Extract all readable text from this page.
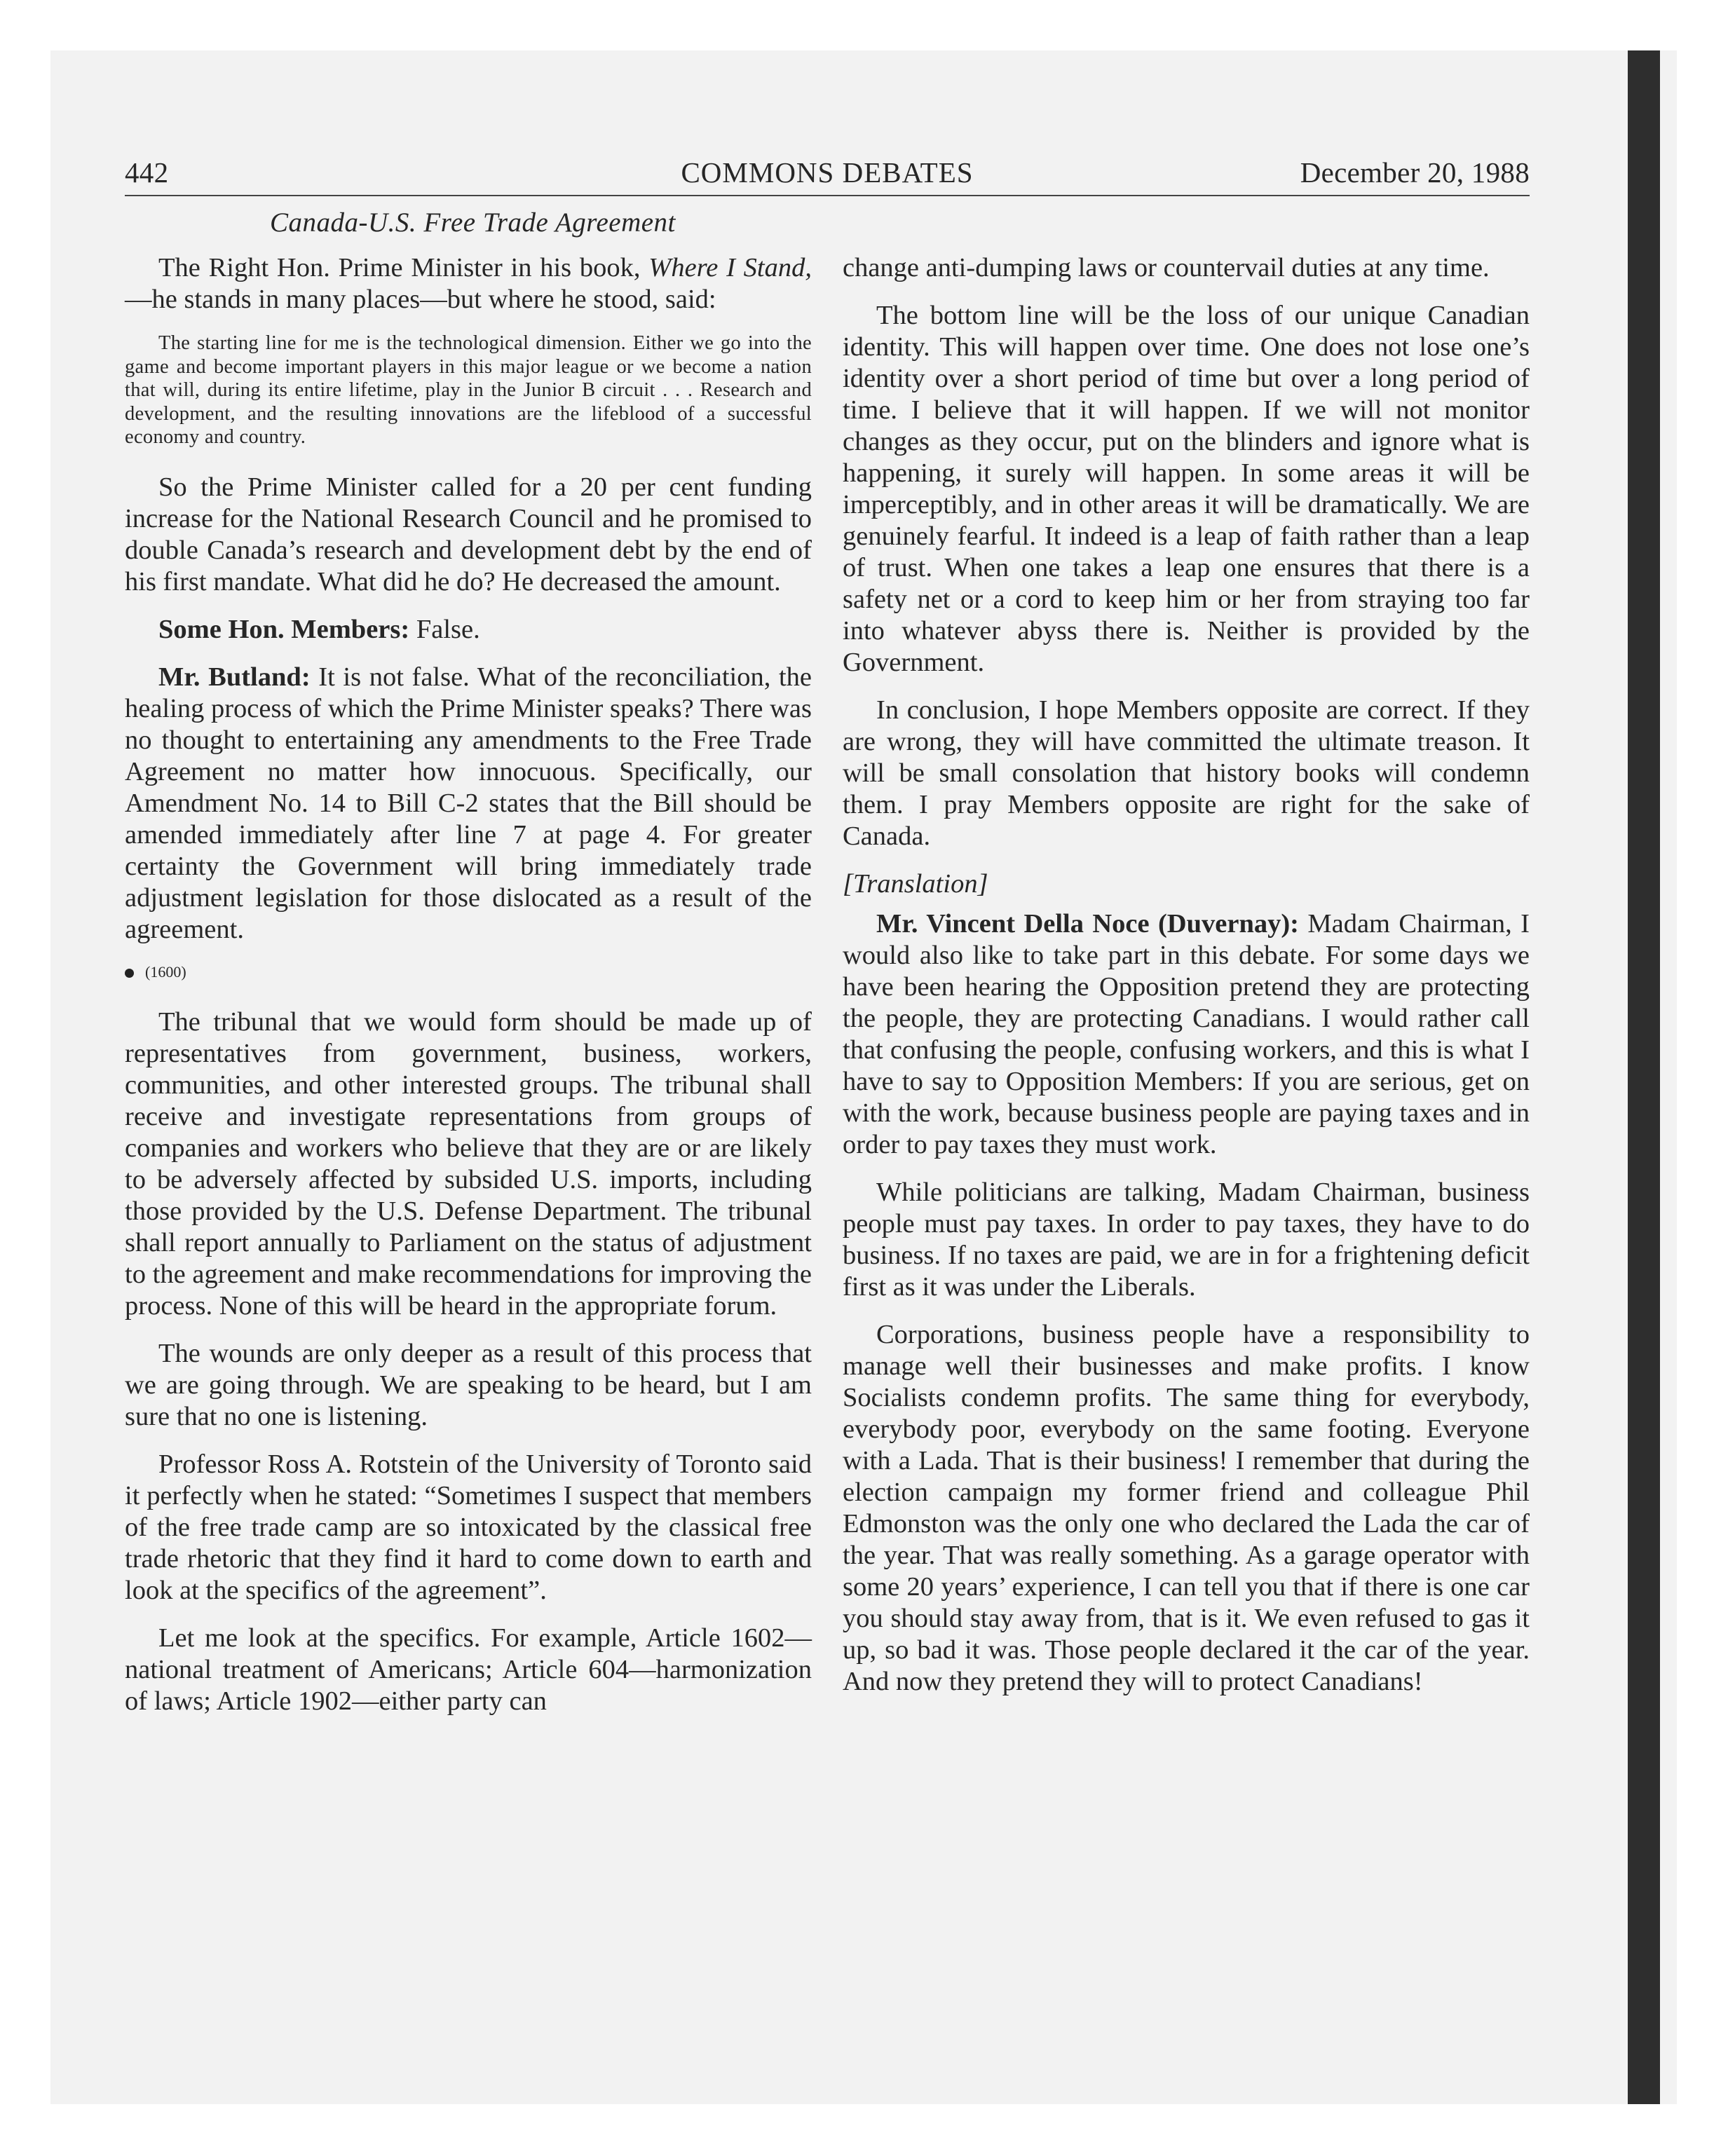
442	COMMONS DEBATES	December 20, 1988
Canada-U.S. Free Trade Agreement

The Right Hon. Prime Minister in his book, Where I Stand,—he stands in many places—but where he stood, said:

The starting line for me is the technological dimension. Either we go into the game and become important players in this major league or we become a nation that will, during its entire lifetime, play in the Junior B circuit . . . Research and development, and the resulting innovations are the lifeblood of a successful economy and country.

So the Prime Minister called for a 20 per cent funding increase for the National Research Council and he promised to double Canada’s research and development debt by the end of his first mandate. What did he do? He decreased the amount.

Some Hon. Members: False.

Mr. Butland: It is not false. What of the reconciliation, the healing process of which the Prime Minister speaks? There was no thought to entertaining any amendments to the Free Trade Agreement no matter how innocuous. Specifically, our Amendment No. 14 to Bill C-2 states that the Bill should be amended immediately after line 7 at page 4. For greater certainty the Government will bring immediately trade adjustment legislation for those dislocated as a result of the agreement.

(1600)

The tribunal that we would form should be made up of representatives from government, business, workers, communities, and other interested groups. The tribunal shall receive and investigate representations from groups of companies and workers who believe that they are or are likely to be adversely affected by subsided U.S. imports, including those provided by the U.S. Defense Department. The tribunal shall report annually to Parliament on the status of adjustment to the agreement and make recommendations for improving the process. None of this will be heard in the appropriate forum.

The wounds are only deeper as a result of this process that we are going through. We are speaking to be heard, but I am sure that no one is listening.

Professor Ross A. Rotstein of the University of Toronto said it perfectly when he stated: “Sometimes I suspect that members of the free trade camp are so intoxicated by the classical free trade rhetoric that they find it hard to come down to earth and look at the specifics of the agreement”.

Let me look at the specifics. For example, Article 1602—national treatment of Americans; Article 604—harmonization of laws; Article 1902—either party can

change anti-dumping laws or countervail duties at any time.

The bottom line will be the loss of our unique Canadian identity. This will happen over time. One does not lose one’s identity over a short period of time but over a long period of time. I believe that it will happen. If we will not monitor changes as they occur, put on the blinders and ignore what is happening, it surely will happen. In some areas it will be imperceptibly, and in other areas it will be dramatically. We are genuinely fearful. It indeed is a leap of faith rather than a leap of trust. When one takes a leap one ensures that there is a safety net or a cord to keep him or her from straying too far into whatever abyss there is. Neither is provided by the Government.

In conclusion, I hope Members opposite are correct. If they are wrong, they will have committed the ultimate treason. It will be small consolation that history books will condemn them. I pray Members opposite are right for the sake of Canada.

[Translation]

Mr. Vincent Della Noce (Duvernay): Madam Chairman, I would also like to take part in this debate. For some days we have been hearing the Opposition pretend they are protecting the people, they are protecting Canadians. I would rather call that confusing the people, confusing workers, and this is what I have to say to Opposition Members: If you are serious, get on with the work, because business people are paying taxes and in order to pay taxes they must work.

While politicians are talking, Madam Chairman, business people must pay taxes. In order to pay taxes, they have to do business. If no taxes are paid, we are in for a frightening deficit first as it was under the Liberals.

Corporations, business people have a responsibility to manage well their businesses and make profits. I know Socialists condemn profits. The same thing for everybody, everybody poor, everybody on the same footing. Everyone with a Lada. That is their business! I remember that during the election campaign my former friend and colleague Phil Edmonston was the only one who declared the Lada the car of the year. That was really something. As a garage operator with some 20 years’ experience, I can tell you that if there is one car you should stay away from, that is it. We even refused to gas it up, so bad it was. Those people declared it the car of the year. And now they pretend they will to protect Canadians!
